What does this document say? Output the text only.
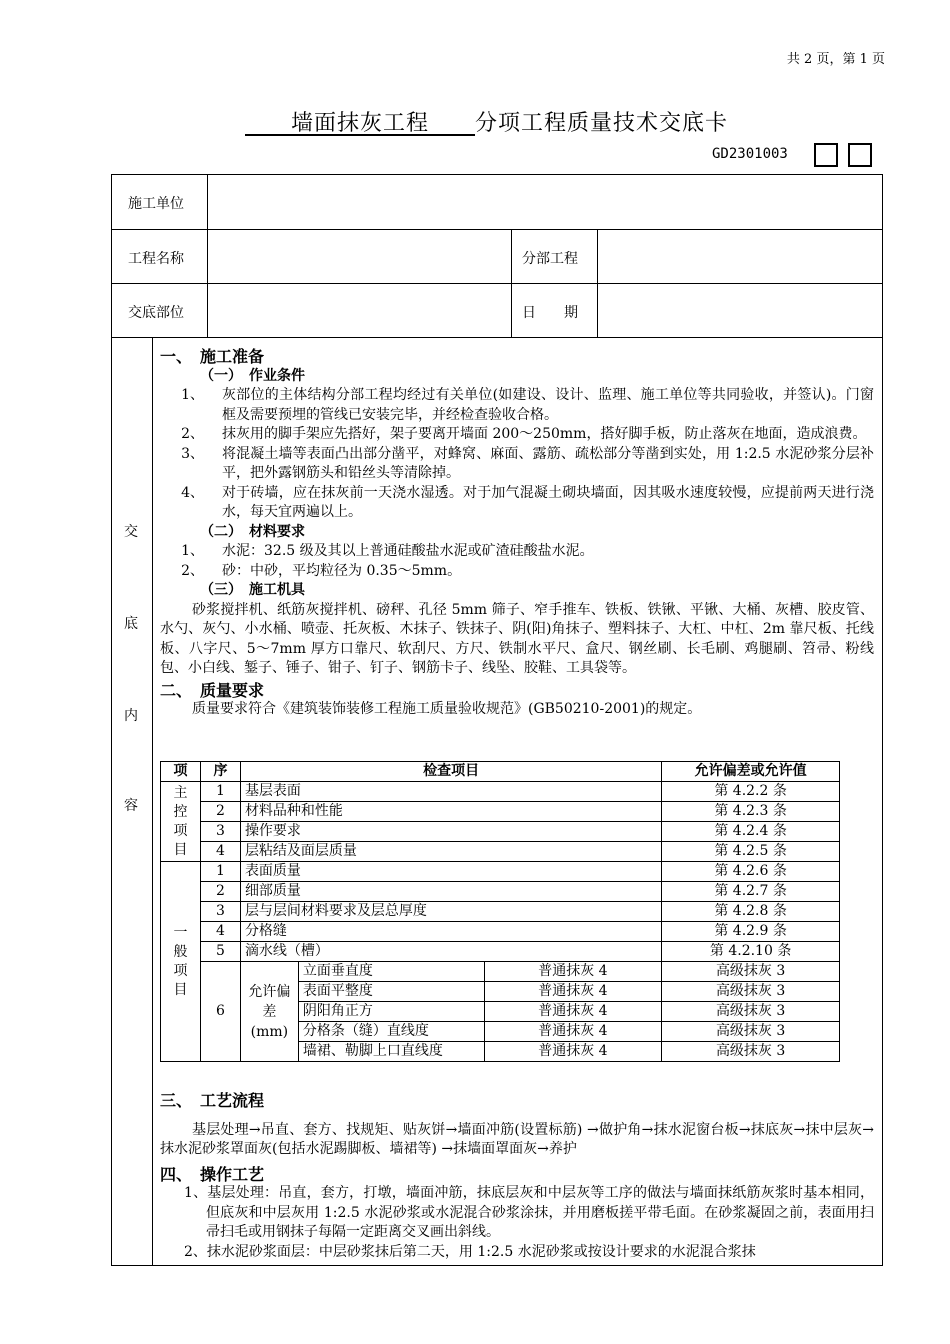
共 2 页，第 1 页
　　墙面抹灰工程　　分项工程质量技术交底卡
GD2301003
施工单位
工程名称	分部工程
交底部位	日　　期
交
底
内
容
一、　施工准备
（一）　作业条件
1、	灰部位的主体结构分部工程均经过有关单位(如建设、设计、监理、施工单位等共同验收，并签认)。门窗框及需要预埋的管线已安装完毕，并经检查验收合格。
2、	抹灰用的脚手架应先搭好，架子要离开墙面 200～250mm，搭好脚手板，防止落灰在地面，造成浪费。
3、	将混凝土墙等表面凸出部分凿平，对蜂窝、麻面、露筋、疏松部分等凿到实处，用 1:2.5 水泥砂浆分层补平，把外露钢筋头和铅丝头等清除掉。
4、	对于砖墙，应在抹灰前一天浇水湿透。对于加气混凝土砌块墙面，因其吸水速度较慢，应提前两天进行浇水，每天宜两遍以上。
（二）　材料要求
1、	水泥：32.5 级及其以上普通硅酸盐水泥或矿渣硅酸盐水泥。
2、	砂：中砂，平均粒径为 0.35～5mm。
（三）　施工机具
砂浆搅拌机、纸筋灰搅拌机、磅秤、孔径 5mm 筛子、窄手推车、铁板、铁锹、平锹、大桶、灰槽、胶皮管、水勺、灰勺、小水桶、喷壶、托灰板、木抹子、铁抹子、阴(阳)角抹子、塑料抹子、大杠、中杠、2m 靠尺板、托线板、八字尺、5～7mm 厚方口靠尺、软刮尺、方尺、铁制水平尺、盒尺、钢丝刷、长毛刷、鸡腿刷、笤帚、粉线包、小白线、錾子、锤子、钳子、钉子、钢筋卡子、线坠、胶鞋、工具袋等。
二、　质量要求
质量要求符合《建筑装饰装修工程施工质量验收规范》(GB50210-2001)的规定。
项	序	检查项目			允许偏差或允许值
主控项目	1	基层表面			第 4.2.2 条
	2	材料品种和性能			第 4.2.3 条
	3	操作要求			第 4.2.4 条
	4	层粘结及面层质量			第 4.2.5 条
一般项目	1	表面质量			第 4.2.6 条
	2	细部质量			第 4.2.7 条
	3	层与层间材料要求及层总厚度			第 4.2.8 条
	4	分格缝			第 4.2.9 条
	5	滴水线（槽）			第 4.2.10 条
	6	允许偏差(mm)	立面垂直度	普通抹灰 4	高级抹灰 3
			表面平整度	普通抹灰 4	高级抹灰 3
			阴阳角正方	普通抹灰 4	高级抹灰 3
			分格条（缝）直线度	普通抹灰 4	高级抹灰 3
			墙裙、勒脚上口直线度	普通抹灰 4	高级抹灰 3
三、　工艺流程
基层处理→吊直、套方、找规矩、贴灰饼→墙面冲筋(设置标筋) →做护角→抹水泥窗台板→抹底灰→抹中层灰→抹水泥砂浆罩面灰(包括水泥踢脚板、墙裙等) →抹墙面罩面灰→养护
四、　操作工艺
1、基层处理：吊直，套方，打墩，墙面冲筋，抹底层灰和中层灰等工序的做法与墙面抹纸筋灰浆时基本相同，但底灰和中层灰用 1:2.5 水泥砂浆或水泥混合砂浆涂抹，并用磨板搓平带毛面。在砂浆凝固之前，表面用扫帚扫毛或用钢抹子每隔一定距离交叉画出斜线。
2、抹水泥砂浆面层：中层砂浆抹后第二天，用 1:2.5 水泥砂浆或按设计要求的水泥混合浆抹
